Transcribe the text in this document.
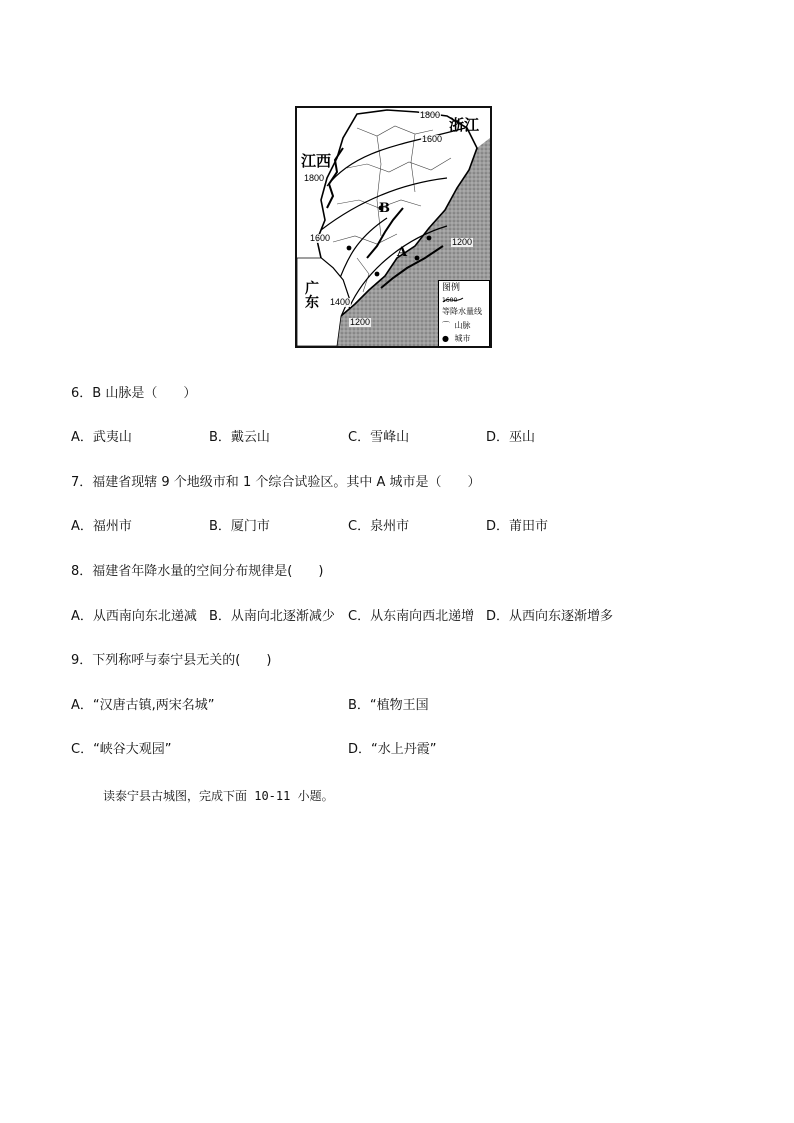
浙江
江西
广东
B
A
1800
1600
1800
1600	1200
1400
1200
图例
1600
等降水量线
⌒ 山脉
● 城市
6．B 山脉是（　　）
A．武夷山	B．戴云山	C．雪峰山	D．巫山
7．福建省现辖 9 个地级市和 1 个综合试验区。其中 A 城市是（　　）
A．福州市	B．厦门市	C．泉州市	D．莆田市
8．福建省年降水量的空间分布规律是(　　)
A．从西南向东北递减 B．从南向北逐渐减少 C．从东南向西北递增 D．从西向东逐渐增多
9．下列称呼与泰宁县无关的(　　)
A．“汉唐古镇,两宋名城”	B．“植物王国
C．“峡谷大观园”	D．“水上丹霞”
读泰宁县古城图，完成下面 10-11 小题。
